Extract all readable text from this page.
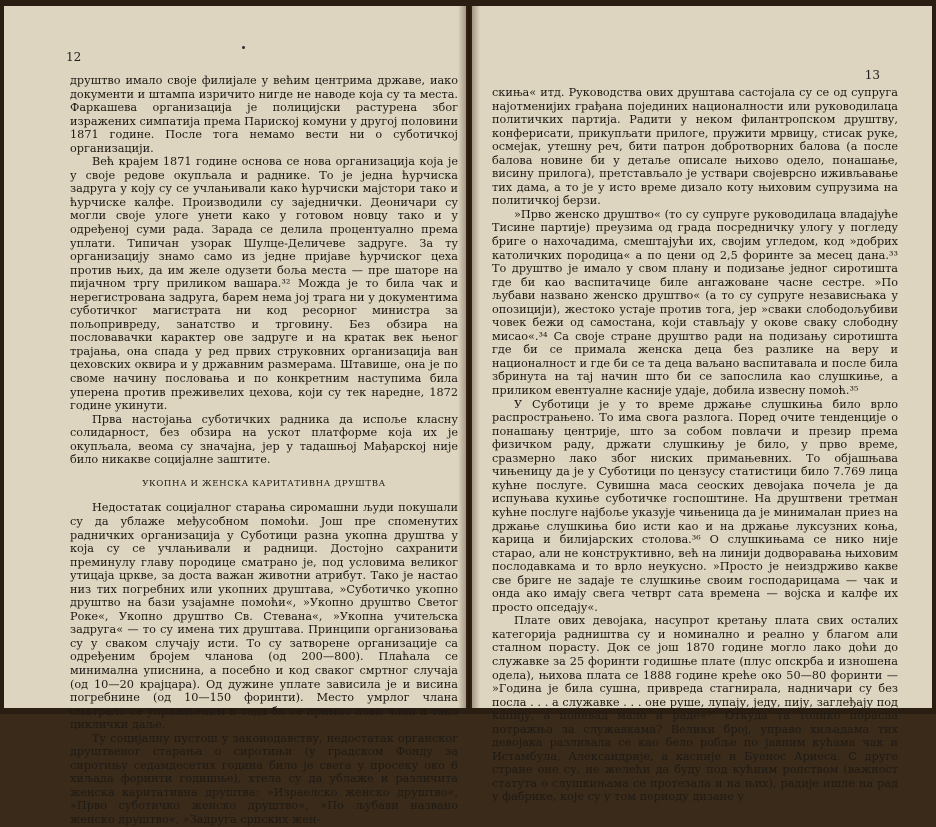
12

друштво имало своје филијале у већим центрима државе, иако документи и штампа изричито нигде не наводе која су та места. Фаркашева организација је полицијски растурена због изражених симпатија према Париској комуни у другој половини 1871 године. После тога немамо вести ни о суботичкој организацији.

Већ крајем 1871 године основа се нова организација која је у своје редове окупљала и раднике. То је једна ћурчиска задруга у коју су се учлањивали како ћурчиски мајстори тако и ћурчиске калфе. Производили су заједнички. Деоничари су могли своје улоге унети како у готовом новцу тако и у одређеној суми рада. Зарада се делила процентуално према уплати. Типичан узорак Шулце-Деличеве задруге. За ту организацију знамо само из једне пријаве ћурчиског цеха против њих, да им желе одузети боља места — пре шаторе на пијачном тргу приликом вашара.³² Можда је то била чак и нерегистрована задруга, барем нема јој трага ни у документима суботичког магистрата ни код ресорног министра за пољопривреду, занатство и трговину. Без обзира на пословавачки карактер ове задруге и на кратак век њеног трајања, она спада у ред првих струковних организација ван цеховских оквира и у државним размерама. Штавише, она је по своме начину пословања и по конкретним наступима била уперена против преживелих цехова, који су тек наредне, 1872 године укинути.

Прва настојања суботичких радника да испоље класну солидарност, без обзира на ускот платформе која их је окупљала, веома су значајна, јер у тадашњој Мађарској није било никакве социјалне заштите.

УКОПНА И ЖЕНСКА КАРИТАТИВНА ДРУШТВА

Недостатак социјалног старања сиромашни људи покушали су да ублаже међусобном помоћи. Још пре споменутих радничких организација у Суботици разна укопна друштва у која су се учлањивали и радници. Достојно сахранити преминулу главу породице сматрано је, под условима великог утицаја цркве, за доста важан животни атрибут. Тако је настао низ тих погребних или укопних друштава, »Суботичко укопно друштво на бази узајамне помоћи«, »Укопно друштво Светог Роке«, Укопно друштво Св. Стевана«, »Укопна учитељска задруга« — то су имена тих друштава. Принципи организовања су у сваком случају исти. То су затворене организације са одређеним бројем чланова (од 200—800). Плаћала се минимална уписнина, а посебно и код сваког смртног случаја (од 10—20 крајцара). Од дужине уплате зависила је и висина погребнине (од 10—150 форинти). Место умрлог члана сматрало се упражњеним и тада би се примао нови члан и тако циклички даље.

Ту социјалну пустош у законодавству, недостатак органског друштвеног старања о сиротињи (у градском Фонду за сиротињу седамдесетих година било је свега у просеку око 6 хиљада форинти годишње), хтела су да ублаже и различита женска каритативна друштва: »Израелско женско друштво«, »Прво суботичко женско друштво«, »По љубави названо женско друштво«, »Задруга српских жен-

13

скиња« итд. Руководства ових друштава састојала су се од супруга најотменијих грађана појединих националности или руководилаца политичких партија. Радити у неком филантропском друштву, конферисати, прикупљати прилоге, пружити мрвицу, стисак руке, осмејак, утешну реч, бити патрон добротворних балова (а после балова новине би у детаље описале њихово одело, понашање, висину прилога), претстављало је уствари својеврсно иживљавање тих дама, а то је у исто време дизало коту њиховим супрузима на политичкој берзи.

»Прво женско друштво« (то су супруге руководилаца владајуће Тисине партије) преузима од града посредничку улогу у погледу бриге о нахочадима, смештајући их, својим угледом, код »добрих католичких породица« а по цени од 2,5 форинте за месец дана.³³ То друштво је имало у свом плану и подизање једног сиротишта где би као васпитачице биле ангажоване часне сестре. »По љубави названо женско друштво« (а то су супруге независњака у опозицији), жестоко устаје против тога, јер »сваки слободољубиви човек бежи од самостана, који стављају у окове сваку слободну мисао«.³⁴ Са своје стране друштво ради на подизању сиротишта где би се примала женска деца без разлике на веру и националност и где би се та деца ваљано васпитавала и после била збринута на тај начин што би се запослила као слушкиње, а приликом евентуалне касније удаје, добила извесну помоћ.³⁵

У Суботици је у то време држање слушкиња било врло распрострањено. То има свога разлога. Поред очите тенденције о понашању центрије, што за собом повлачи и презир према физичком раду, држати слушкињу је било, у прво време, сразмерно лако због ниских примањевних. То објашњава чињеницу да је у Суботици по цензусу статистици било 7.769 лица кућне послуге. Сувишна маса сеоских девојака почела је да испуњава кухиње суботичке госпоштине. На друштвени третман кућне послуге најбоље указује чињеница да је минималан приез на држање слушкиња био исти као и на држање луксузних коња, карица и билијарских столова.³⁶ О слушкињама се нико није старао, али не конструктивно, већ на линији додворавања њиховим послодавкама и то врло неукусно. »Просто је неиздрживо какве све бриге не задаје те слушкиње своим господарицама — чак и онда ако имају свега четврт сата времена — војска и калфе их просто опседају«.

Плате ових девојака, насупрот кретању плата свих осталих категорија радништва су и номинално и реално у благом али сталном порасту. Док се још 1870 године могло лако доћи до служавке за 25 форинти годишње плате (плус опскрба и изношена одела), њихова плата се 1888 године креће око 50—80 форинти — »Година је била сушна, привреда стагнирала, надничари су без посла . . . а служавке . . . оне руше, лупају, једу, пију, заглеђају под капију, а поневад мало и раде«³⁷ Откуда та толико порасла потражња за служавкама? Велики број, управо хиљадама тих девојака разливала се као бело робље по јавним кућама чак и Истамбула, Александрије, а касније и Буенос Ариеса. С друге стране оне су, не желећи да буду под кућним ропством (важност статута о слушкињама се протезала и на њих), радије ишле на рад у фабрике, које су у том периоду дизане у
